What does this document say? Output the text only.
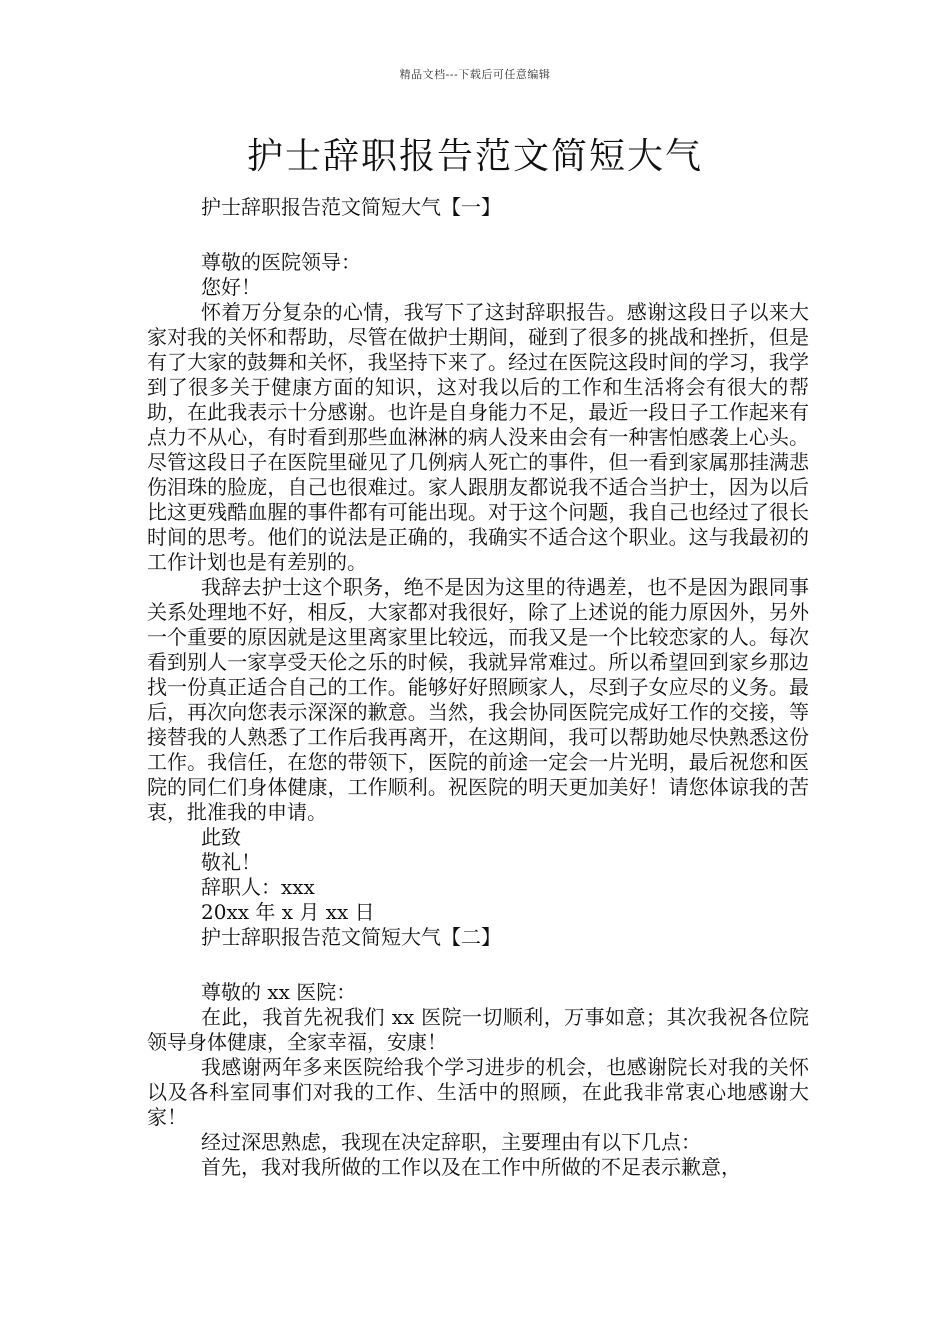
精品文档---下载后可任意编辑
护士辞职报告范文简短大气

护士辞职报告范文简短大气【一】

尊敬的医院领导：

您好！

怀着万分复杂的心情，我写下了这封辞职报告。感谢这段日子以来大家对我的关怀和帮助，尽管在做护士期间，碰到了很多的挑战和挫折，但是有了大家的鼓舞和关怀，我坚持下来了。经过在医院这段时间的学习，我学到了很多关于健康方面的知识，这对我以后的工作和生活将会有很大的帮助，在此我表示十分感谢。也许是自身能力不足，最近一段日子工作起来有点力不从心，有时看到那些血淋淋的病人没来由会有一种害怕感袭上心头。尽管这段日子在医院里碰见了几例病人死亡的事件，但一看到家属那挂满悲伤泪珠的脸庞，自己也很难过。家人跟朋友都说我不适合当护士，因为以后比这更残酷血腥的事件都有可能出现。对于这个问题，我自己也经过了很长时间的思考。他们的说法是正确的，我确实不适合这个职业。这与我最初的工作计划也是有差别的。

我辞去护士这个职务，绝不是因为这里的待遇差，也不是因为跟同事关系处理地不好，相反，大家都对我很好，除了上述说的能力原因外，另外一个重要的原因就是这里离家里比较远，而我又是一个比较恋家的人。每次看到别人一家享受天伦之乐的时候，我就异常难过。所以希望回到家乡那边找一份真正适合自己的工作。能够好好照顾家人，尽到子女应尽的义务。最后，再次向您表示深深的歉意。当然，我会协同医院完成好工作的交接，等接替我的人熟悉了工作后我再离开，在这期间，我可以帮助她尽快熟悉这份工作。我信任，在您的带领下，医院的前途一定会一片光明，最后祝您和医院的同仁们身体健康，工作顺利。祝医院的明天更加美好！请您体谅我的苦衷，批准我的申请。

此致

敬礼！

辞职人：xxx

20xx 年 x 月 xx 日

护士辞职报告范文简短大气【二】

尊敬的 xx 医院：

在此，我首先祝我们 xx 医院一切顺利，万事如意；其次我祝各位院领导身体健康，全家幸福，安康！

我感谢两年多来医院给我个学习进步的机会，也感谢院长对我的关怀以及各科室同事们对我的工作、生活中的照顾，在此我非常衷心地感谢大家！

经过深思熟虑，我现在决定辞职，主要理由有以下几点：

首先，我对我所做的工作以及在工作中所做的不足表示歉意，
